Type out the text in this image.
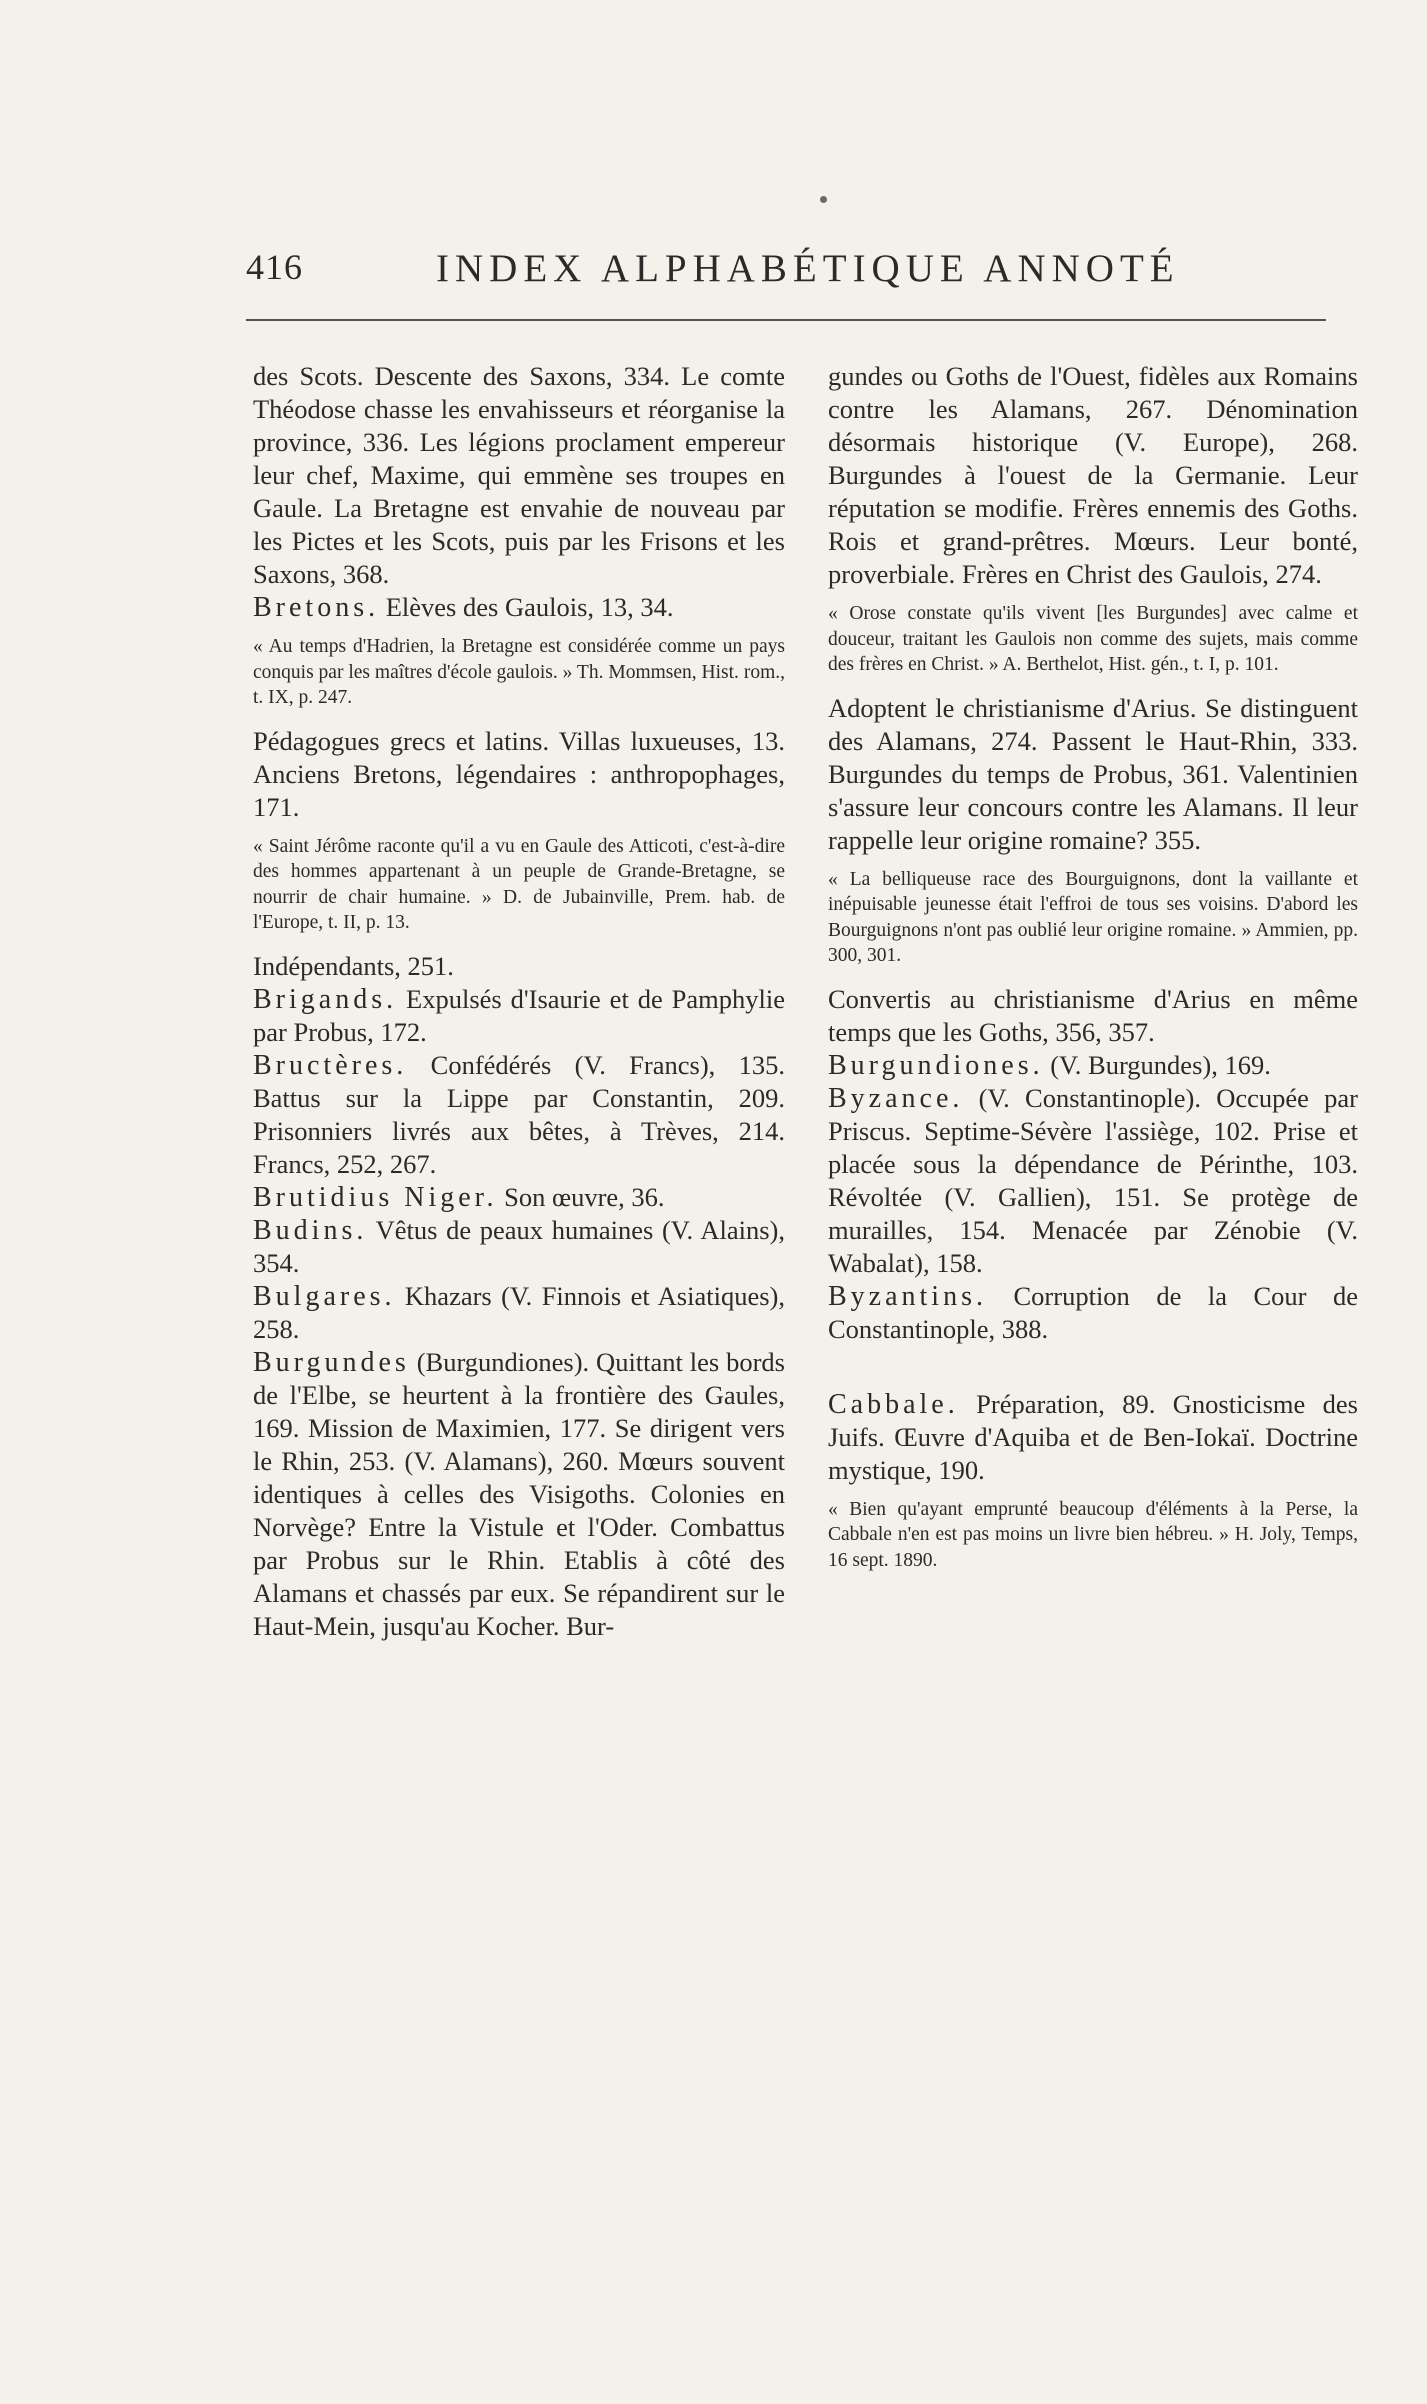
416	INDEX ALPHABÉTIQUE ANNOTÉ

des Scots. Descente des Saxons, 334. Le comte Théodose chasse les envahisseurs et réorganise la province, 336. Les légions proclament empereur leur chef, Maxime, qui emmène ses troupes en Gaule. La Bretagne est envahie de nouveau par les Pictes et les Scots, puis par les Frisons et les Saxons, 368.

Bretons. Elèves des Gaulois, 13, 34.

« Au temps d'Hadrien, la Bretagne est considérée comme un pays conquis par les maîtres d'école gaulois. » Th. Mommsen, Hist. rom., t. IX, p. 247.

Pédagogues grecs et latins. Villas luxueuses, 13. Anciens Bretons, légendaires : anthropophages, 171.

« Saint Jérôme raconte qu'il a vu en Gaule des Atticoti, c'est-à-dire des hommes appartenant à un peuple de Grande-Bretagne, se nourrir de chair humaine. » D. de Jubainville, Prem. hab. de l'Europe, t. II, p. 13.

Indépendants, 251.

Brigands. Expulsés d'Isaurie et de Pamphylie par Probus, 172.

Bructères. Confédérés (V. Francs), 135. Battus sur la Lippe par Constantin, 209. Prisonniers livrés aux bêtes, à Trèves, 214. Francs, 252, 267.

Brutidius Niger. Son œuvre, 36.

Budins. Vêtus de peaux humaines (V. Alains), 354.

Bulgares. Khazars (V. Finnois et Asiatiques), 258.

Burgundes (Burgundiones). Quittant les bords de l'Elbe, se heurtent à la frontière des Gaules, 169. Mission de Maximien, 177. Se dirigent vers le Rhin, 253. (V. Alamans), 260. Mœurs souvent identiques à celles des Visigoths. Colonies en Norvège? Entre la Vistule et l'Oder. Combattus par Probus sur le Rhin. Etablis à côté des Alamans et chassés par eux. Se répandirent sur le Haut-Mein, jusqu'au Kocher. Bur-

gundes ou Goths de l'Ouest, fidèles aux Romains contre les Alamans, 267. Dénomination désormais historique (V. Europe), 268. Burgundes à l'ouest de la Germanie. Leur réputation se modifie. Frères ennemis des Goths. Rois et grand-prêtres. Mœurs. Leur bonté, proverbiale. Frères en Christ des Gaulois, 274.

« Orose constate qu'ils vivent [les Burgundes] avec calme et douceur, traitant les Gaulois non comme des sujets, mais comme des frères en Christ. » A. Berthelot, Hist. gén., t. I, p. 101.

Adoptent le christianisme d'Arius. Se distinguent des Alamans, 274. Passent le Haut-Rhin, 333. Burgundes du temps de Probus, 361. Valentinien s'assure leur concours contre les Alamans. Il leur rappelle leur origine romaine? 355.

« La belliqueuse race des Bourguignons, dont la vaillante et inépuisable jeunesse était l'effroi de tous ses voisins. D'abord les Bourguignons n'ont pas oublié leur origine romaine. » Ammien, pp. 300, 301.

Convertis au christianisme d'Arius en même temps que les Goths, 356, 357.

Burgundiones. (V. Burgundes), 169.

Byzance. (V. Constantinople). Occupée par Priscus. Septime-Sévère l'assiège, 102. Prise et placée sous la dépendance de Périnthe, 103. Révoltée (V. Gallien), 151. Se protège de murailles, 154. Menacée par Zénobie (V. Wabalat), 158.

Byzantins. Corruption de la Cour de Constantinople, 388.

Cabbale. Préparation, 89. Gnosticisme des Juifs. Œuvre d'Aquiba et de Ben-Iokaï. Doctrine mystique, 190.

« Bien qu'ayant emprunté beaucoup d'éléments à la Perse, la Cabbale n'en est pas moins un livre bien hébreu. » H. Joly, Temps, 16 sept. 1890.
